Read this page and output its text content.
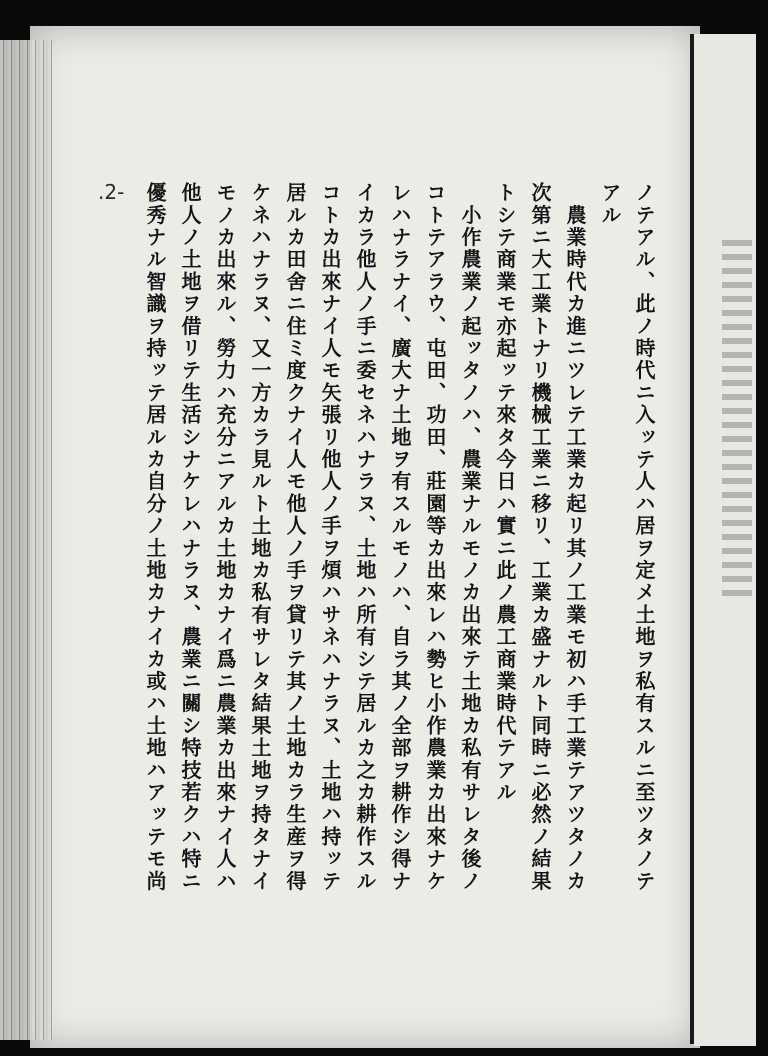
.2-	ノテアル、此ノ時代ニ入ッテ人ハ居ヲ定メ土地ヲ私有スルニ至ツタノテ
アル
　農業時代カ進ニツレテ工業カ起リ其ノ工業モ初ハ手工業テアツタノカ
次第ニ大工業トナリ機械工業ニ移リ、工業カ盛ナルト同時ニ必然ノ結果
トシテ商業モ亦起ッテ來タ今日ハ實ニ此ノ農工商業時代テアル
　小作農業ノ起ッタノハ、農業ナルモノカ出來テ土地カ私有サレタ後ノ
コトテアラウ、屯田、功田、莊園等カ出來レハ勢ヒ小作農業カ出來ナケ
レハナラナイ、廣大ナ土地ヲ有スルモノハ、自ラ其ノ全部ヲ耕作シ得ナ
イカラ他人ノ手ニ委セネハナラヌ、土地ハ所有シテ居ルカ之カ耕作スル
コトカ出來ナイ人モ矢張リ他人ノ手ヲ煩ハサネハナラヌ、土地ハ持ッテ
居ルカ田舍ニ住ミ度クナイ人モ他人ノ手ヲ貸リテ其ノ土地カラ生産ヲ得
ケネハナラヌ、又一方カラ見ルト土地カ私有サレタ結果土地ヲ持タナイ
モノカ出來ル、勞力ハ充分ニアルカ土地カナイ爲ニ農業カ出來ナイ人ハ
他人ノ土地ヲ借リテ生活シナケレハナラヌ、農業ニ關シ特技若クハ特ニ
優秀ナル智識ヲ持ッテ居ルカ自分ノ土地カナイカ或ハ土地ハアッテモ尚
